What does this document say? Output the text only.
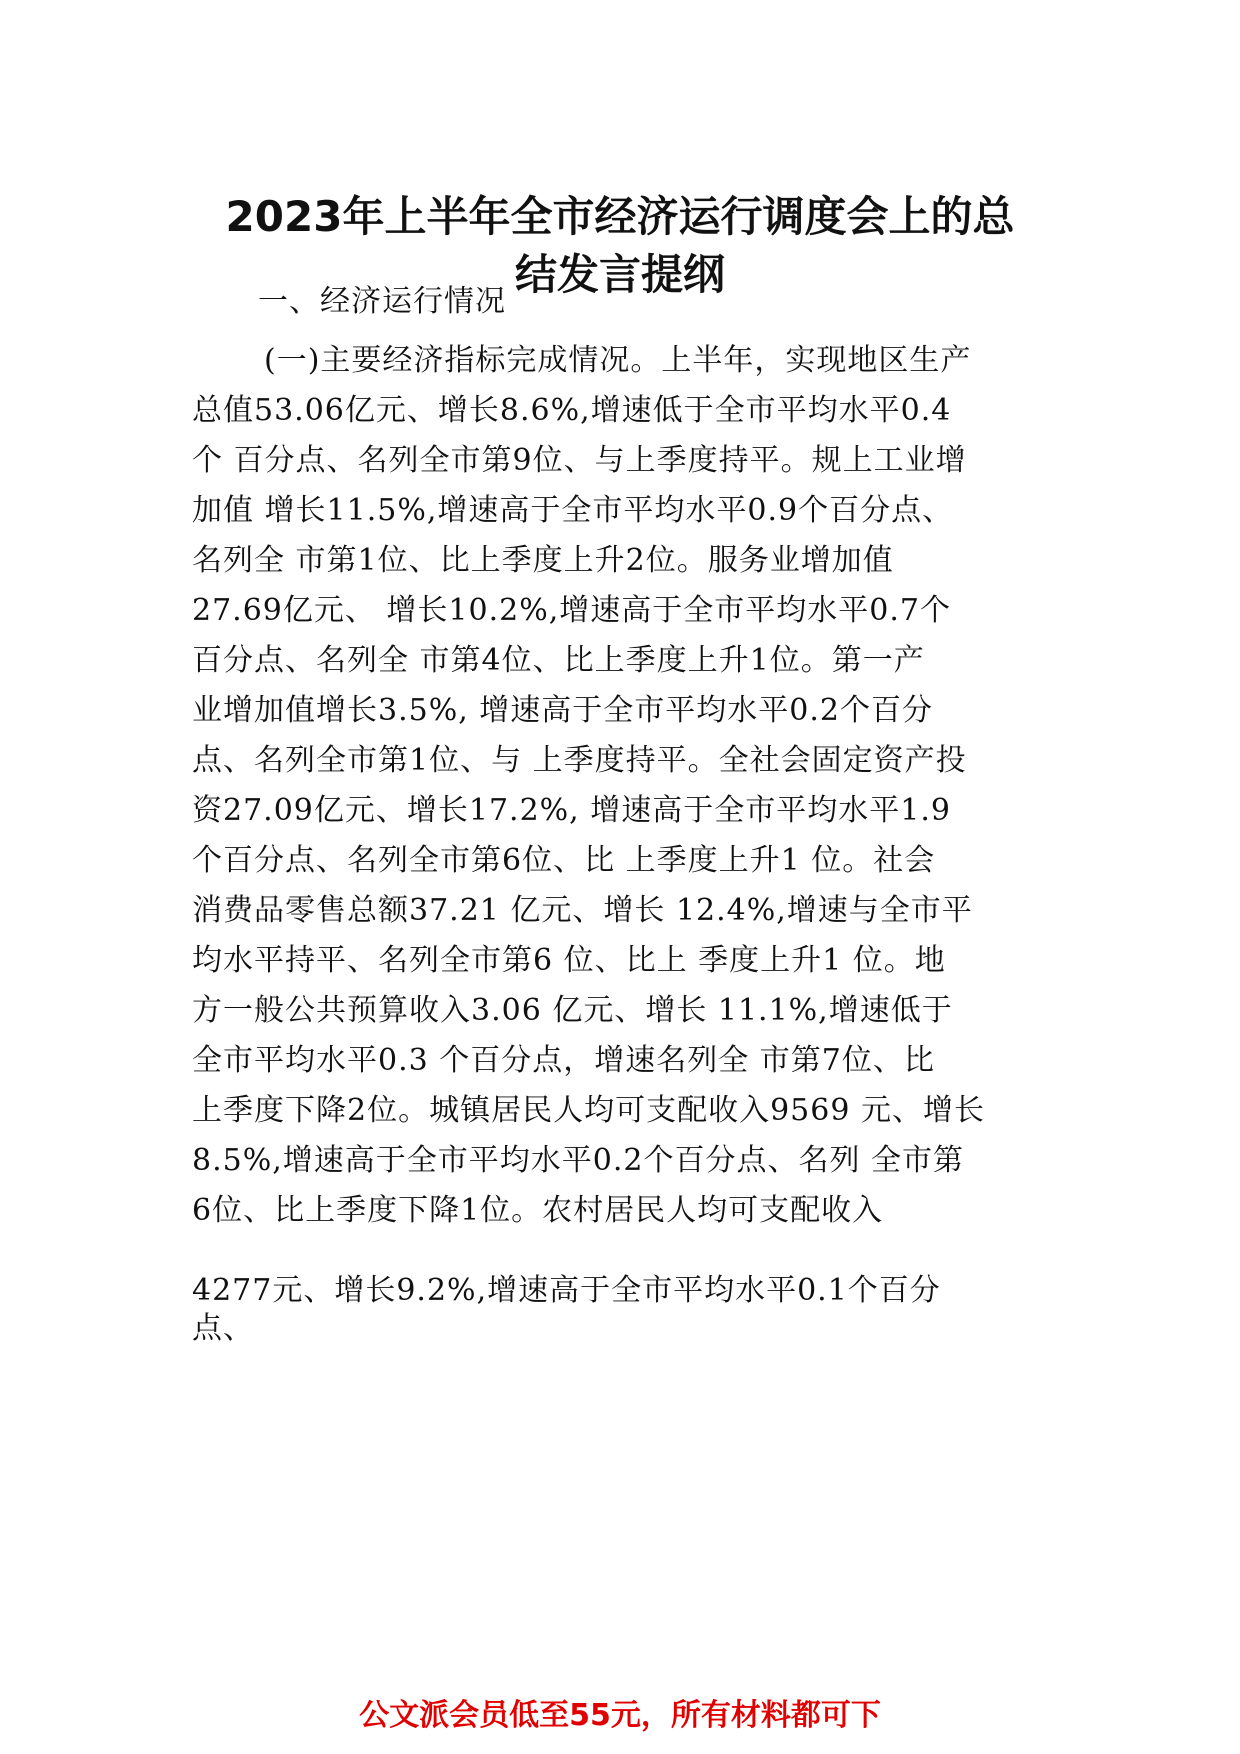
2023年上半年全市经济运行调度会上的总
结发言提纲
一、经济运行情况
(一)主要经济指标完成情况。上半年，实现地区生产
总值53.06亿元、增长8.6%,增速低于全市平均水平0.4
个 百分点、名列全市第9位、与上季度持平。规上工业增
加值 增长11.5%,增速高于全市平均水平0.9个百分点、
名列全 市第1位、比上季度上升2位。服务业增加值
27.69亿元、 增长10.2%,增速高于全市平均水平0.7个
百分点、名列全 市第4位、比上季度上升1位。第一产
业增加值增长3.5%, 增速高于全市平均水平0.2个百分
点、名列全市第1位、与 上季度持平。全社会固定资产投
资27.09亿元、增长17.2%, 增速高于全市平均水平1.9
个百分点、名列全市第6位、比 上季度上升1 位。社会
消费品零售总额37.21 亿元、增长 12.4%,增速与全市平
均水平持平、名列全市第6 位、比上 季度上升1 位。地
方一般公共预算收入3.06 亿元、增长 11.1%,增速低于
全市平均水平0.3 个百分点，增速名列全 市第7位、比
上季度下降2位。城镇居民人均可支配收入9569 元、增长
8.5%,增速高于全市平均水平0.2个百分点、名列 全市第
6位、比上季度下降1位。农村居民人均可支配收入
4277元、增长9.2%,增速高于全市平均水平0.1个百分
点、
公文派会员低至55元，所有材料都可下
